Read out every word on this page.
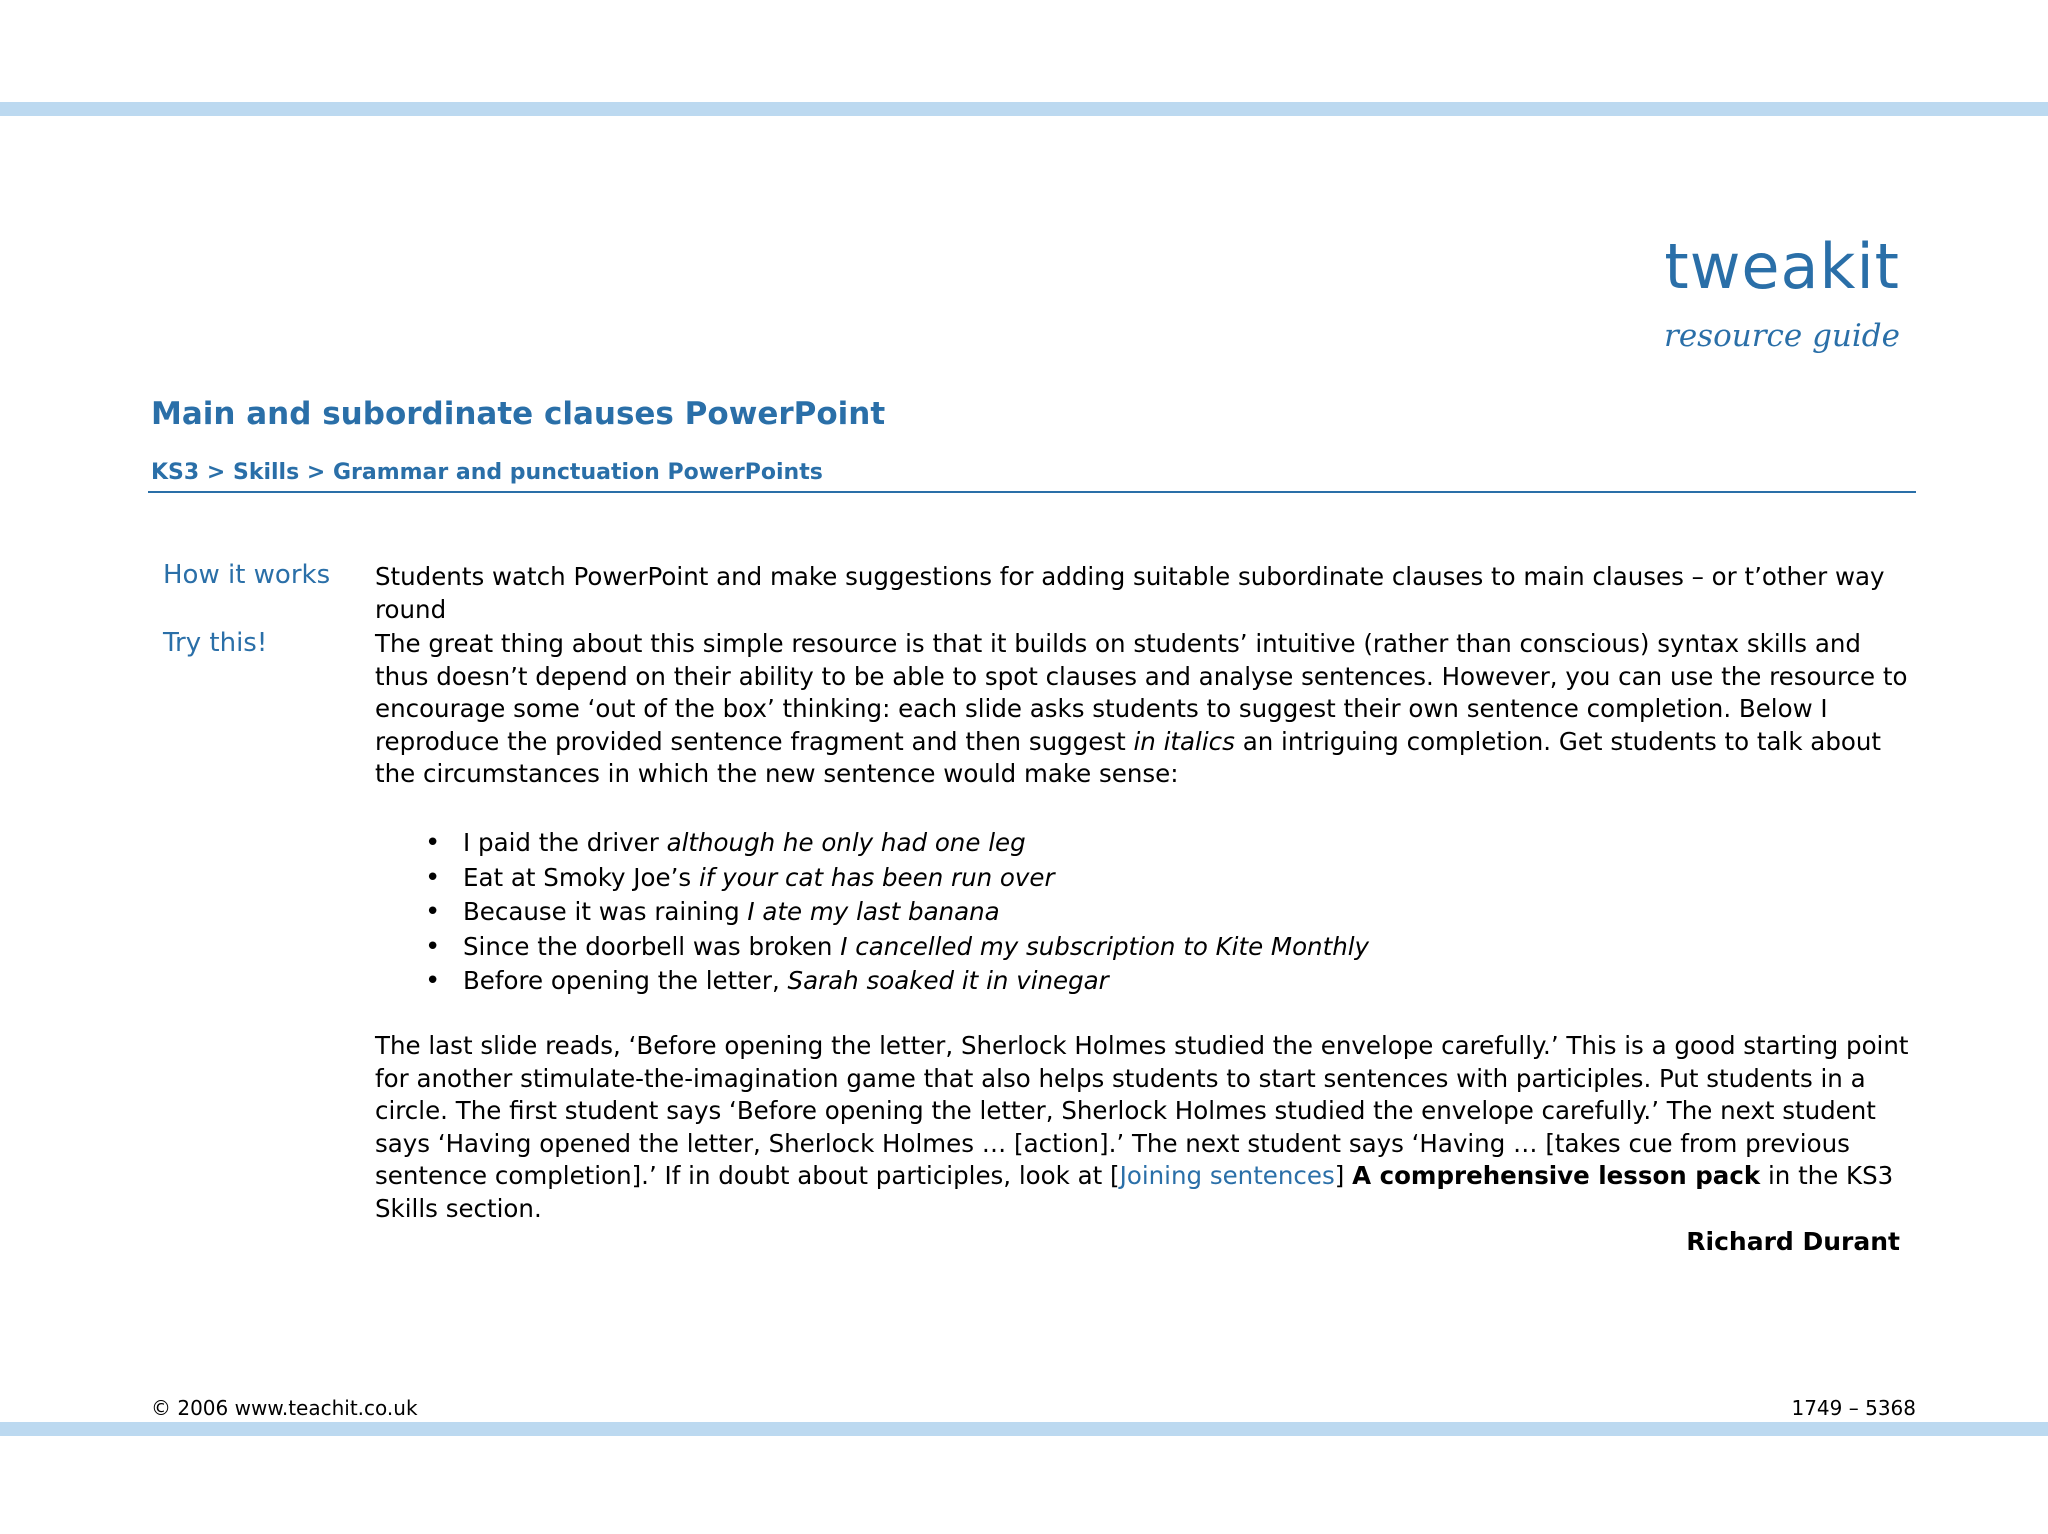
tweakit
resource guide
Main and subordinate clauses PowerPoint
KS3 > Skills > Grammar and punctuation PowerPoints
How it works Students watch PowerPoint and make suggestions for adding suitable subordinate clauses to main clauses – or t’other way round
Try this!	The great thing about this simple resource is that it builds on students’ intuitive (rather than conscious) syntax skills and thus doesn’t depend on their ability to be able to spot clauses and analyse sentences. However, you can use the resource to encourage some ‘out of the box’ thinking: each slide asks students to suggest their own sentence completion. Below I reproduce the provided sentence fragment and then suggest in italics an intriguing completion. Get students to talk about the circumstances in which the new sentence would make sense:
• I paid the driver although he only had one leg
• Eat at Smoky Joe’s if your cat has been run over
• Because it was raining I ate my last banana
• Since the doorbell was broken I cancelled my subscription to Kite Monthly
• Before opening the letter, Sarah soaked it in vinegar
The last slide reads, ‘Before opening the letter, Sherlock Holmes studied the envelope carefully.’ This is a good starting point for another stimulate-the-imagination game that also helps students to start sentences with participles. Put students in a circle. The first student says ‘Before opening the letter, Sherlock Holmes studied the envelope carefully.’ The next student says ‘Having opened the letter, Sherlock Holmes … [action].’ The next student says ‘Having … [takes cue from previous sentence completion].’ If in doubt about participles, look at [Joining sentences] A comprehensive lesson pack in the KS3 Skills section.
Richard Durant
© 2006 www.teachit.co.uk	1749 – 5368
